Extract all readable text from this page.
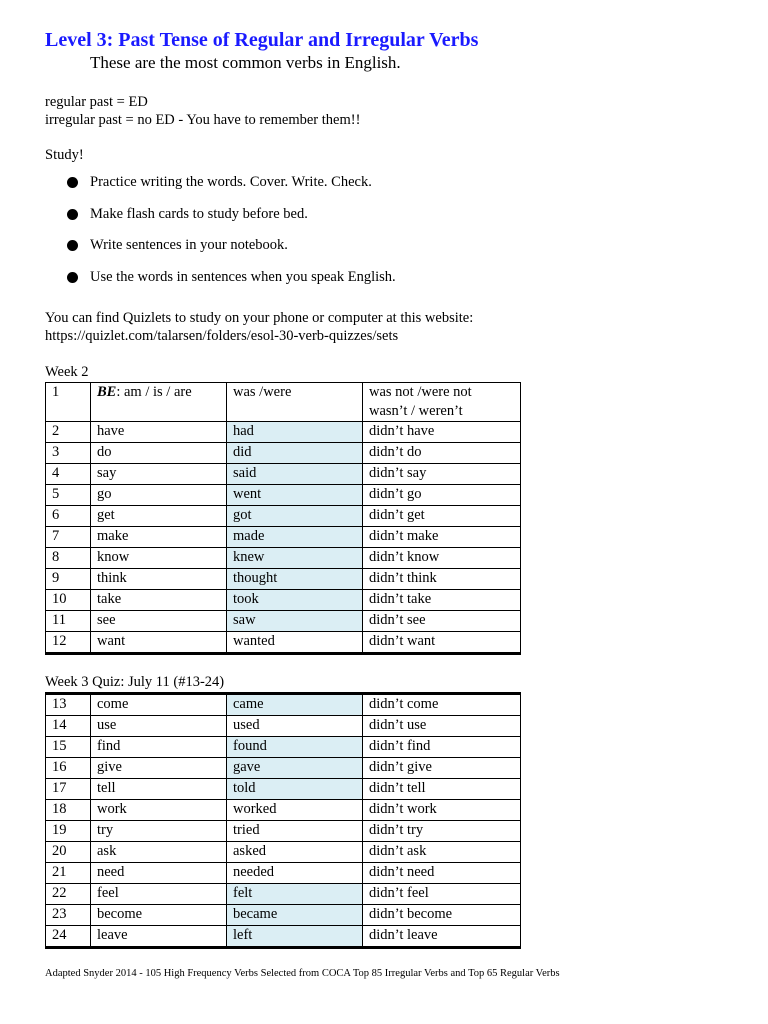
Level 3: Past Tense of Regular and Irregular Verbs
These are the most common verbs in English.
regular past = ED
irregular past = no ED - You have to remember them!!
Study!
Practice writing the words. Cover. Write. Check.
Make flash cards to study before bed.
Write sentences in your notebook.
Use the words in sentences when you speak English.
You can find Quizlets to study on your phone or computer at this website:
https://quizlet.com/talarsen/folders/esol-30-verb-quizzes/sets
Week 2
1	BE: am / is / are	was /were	was not /were not
wasn’t / weren’t
2	have	had	didn’t have
3	do	did	didn’t do
4	say	said	didn’t say
5	go	went	didn’t go
6	get	got	didn’t get
7	make	made	didn’t make
8	know	knew	didn’t know
9	think	thought	didn’t think
10	take	took	didn’t take
11	see	saw	didn’t see
12	want	wanted	didn’t want
Week 3 Quiz: July 11 (#13-24)
13	come	came	didn’t come
14	use	used	didn’t use
15	find	found	didn’t find
16	give	gave	didn’t give
17	tell	told	didn’t tell
18	work	worked	didn’t work
19	try	tried	didn’t try
20	ask	asked	didn’t ask
21	need	needed	didn’t need
22	feel	felt	didn’t feel
23	become	became	didn’t become
24	leave	left	didn’t leave
Adapted Snyder 2014 - 105 High Frequency Verbs Selected from COCA Top 85 Irregular Verbs and Top 65 Regular Verbs
